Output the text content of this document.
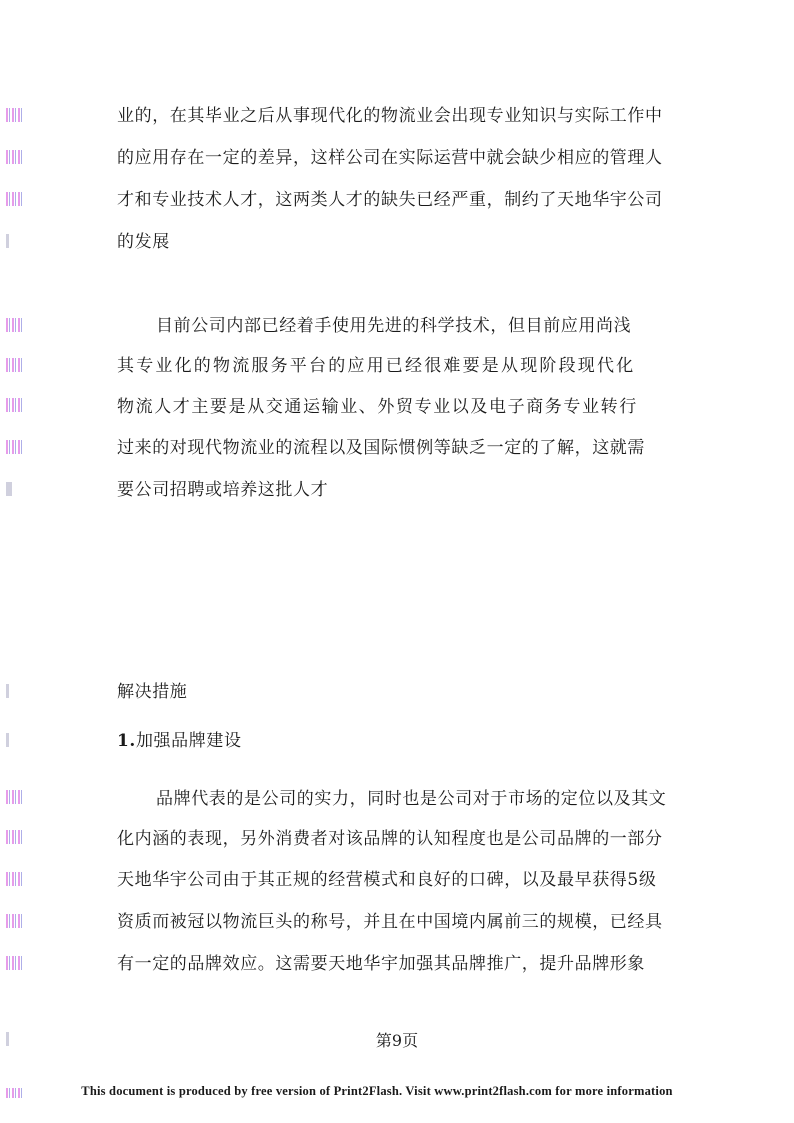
业的，在其毕业之后从事现代化的物流业会出现专业知识与实际工作中
的应用存在一定的差异，这样公司在实际运营中就会缺少相应的管理人
才和专业技术人才，这两类人才的缺失已经严重，制约了天地华宇公司
的发展
目前公司内部已经着手使用先进的科学技术，但目前应用尚浅
其专业化的物流服务平台的应用已经很难要是从现阶段现代化
物流人才主要是从交通运输业、外贸专业以及电子商务专业转行
过来的对现代物流业的流程以及国际惯例等缺乏一定的了解，这就需
要公司招聘或培养这批人才
解决措施
1.加强品牌建设
品牌代表的是公司的实力，同时也是公司对于市场的定位以及其文
化内涵的表现，另外消费者对该品牌的认知程度也是公司品牌的一部分
天地华宇公司由于其正规的经营模式和良好的口碑，以及最早获得5级
资质而被冠以物流巨头的称号，并且在中国境内属前三的规模，已经具
有一定的品牌效应。这需要天地华宇加强其品牌推广，提升品牌形象
第9页
This document is produced by free version of Print2Flash. Visit www.print2flash.com for more information
